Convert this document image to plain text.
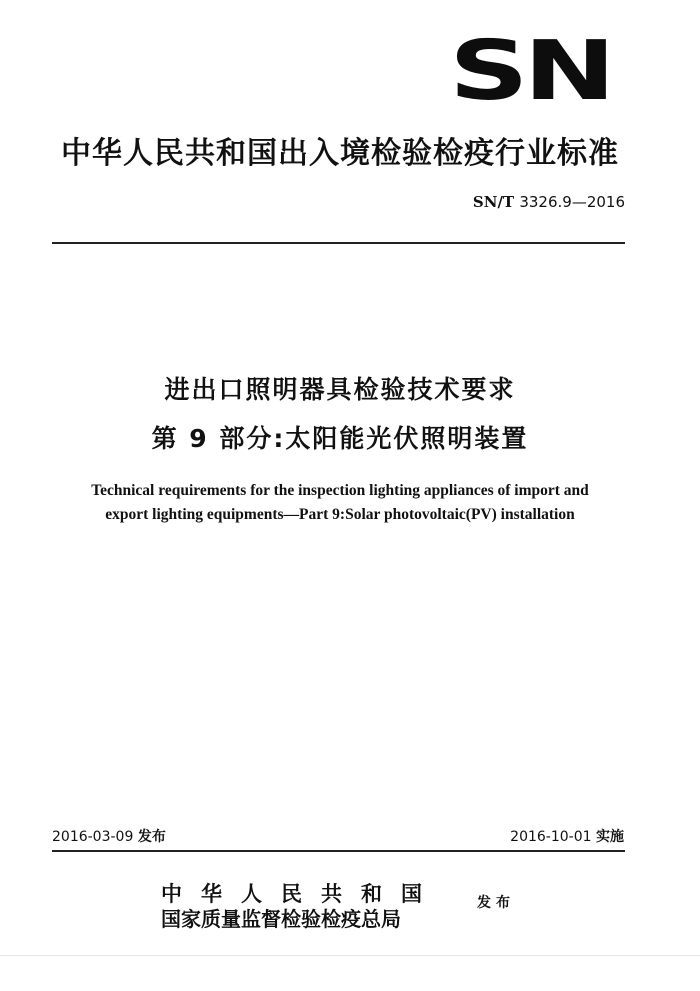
SN
中华人民共和国出入境检验检疫行业标准
SN/T 3326.9—2016
进出口照明器具检验技术要求
第 9 部分:太阳能光伏照明装置
Technical requirements for the inspection lighting appliances of import and
export lighting equipments—Part 9:Solar photovoltaic(PV) installation
2016-03-09 发布	2016-10-01 实施
中华人民共和国
国家质量监督检验检疫总局
发布
